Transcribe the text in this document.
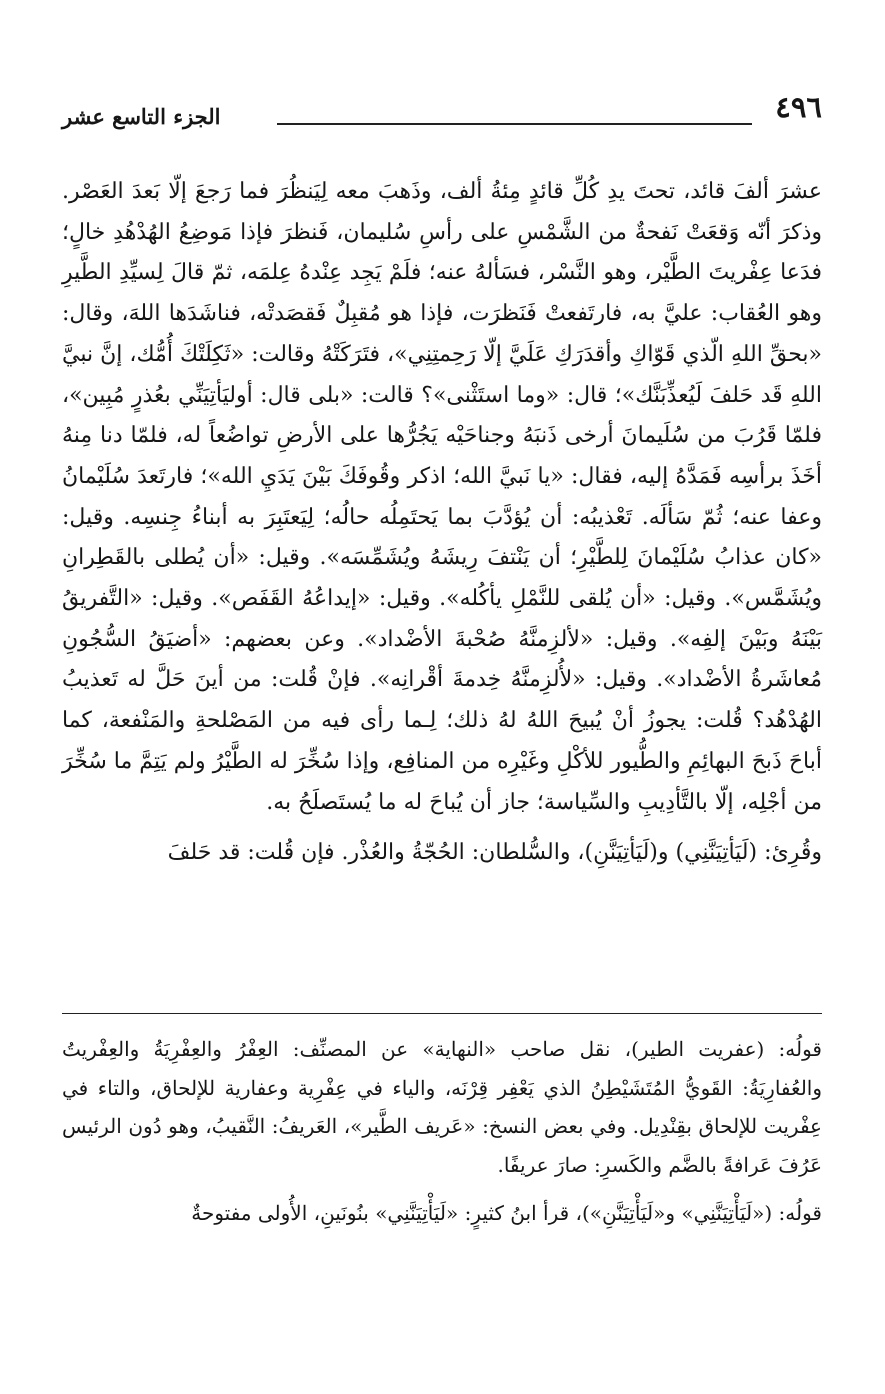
٤٩٦
الجزء التاسع عشر

عشرَ ألفَ قائد، تحتَ يدِ كُلِّ قائدٍ مِئةُ ألف، وذَهبَ معه لِيَنظُرَ فما رَجعَ إلّا بَعدَ العَصْر. وذكرَ أنّه وَقعَتْ نَفحةٌ من الشَّمْسِ على رأسِ سُليمان، فَنظرَ فإذا مَوضِعُ الهُدْهُدِ خالٍ؛ فدَعا عِفْريتَ الطَّيْر، وهو النَّسْر، فسَألهُ عنه؛ فلَمْ يَجِد عِنْدهُ عِلمَه، ثمّ قالَ لِسيِّدِ الطَّيرِ وهو العُقاب: عليَّ به، فارتَفعتْ فَنَظرَت، فإذا هو مُقبِلٌ فَقصَدتْه، فناشَدَها اللهَ، وقال: «بحقِّ اللهِ الّذي قَوّاكِ وأقدَرَكِ عَلَيَّ إلّا رَحِمتِنِي»، فتَرَكَتْهُ وقالت: «ثَكِلَتْكَ أُمُّك، إنَّ نبيَّ اللهِ قَد حَلفَ لَيُعذِّبَنَّك»؛ قال: «وما استَثْنى»؟ قالت: «بلى قال: أوليَأتِيَنِّي بعُذرٍ مُبِين»، فلمّا قَرُبَ من سُلَيمانَ أرخى ذَنبَهُ وجناحَيْه يَجُرُّها على الأرضِ تواضُعاً له، فلمّا دنا مِنهُ أخَذَ برأسِه فَمَدَّهُ إليه، فقال: «يا نَبيَّ الله؛ اذكر وقُوفَكَ بَيْنَ يَدَيِ الله»؛ فارتَعدَ سُلَيْمانُ وعفا عنه؛ ثُمّ سَألَه. تَعْذيبُه: أن يُؤدَّبَ بما يَحتَمِلُه حالُه؛ لِيَعتَبِرَ به أبناءُ جِنسِه. وقيل: «كان عذابُ سُلَيْمانَ لِلطَّيْرِ؛ أن يَنْتفَ رِيشَهُ ويُشَمِّسَه». وقيل: «أن يُطلى بالقَطِرانِ ويُشَمَّس». وقيل: «أن يُلقى للنَّمْلِ يأكُله». وقيل: «إيداعُهُ القَفَص». وقيل: «التَّفريقُ بَيْنَهُ وبَيْنَ إلفِه». وقيل: «لألزِمنَّهُ صُحْبةَ الأضْداد». وعن بعضهم: «أضيَقُ السُّجُونِ مُعاشَرةُ الأضْداد». وقيل: «لأُلزِمنَّهُ خِدمةَ أقْرانِه». فإنْ قُلت: من أينَ حَلَّ له تَعذيبُ الهُدْهُد؟ قُلت: يجوزُ أنْ يُبيحَ اللهُ لهُ ذلك؛ لِـما رأى فيه من المَصْلحةِ والمَنْفعة، كما أباحَ ذَبحَ البهائِمِ والطُّيور للأكْلِ وغَيْرِه من المنافِع، وإذا سُخِّرَ له الطَّيْرُ ولم يَتِمَّ ما سُخِّرَ من أجْلِه، إلّا بالتَّأدِيبِ والسِّياسة؛ جاز أن يُباحَ له ما يُستَصلَحُ به.

وقُرِئ: (لَيَأتِيَنَّنِي) و(لَيَأتِيَنَّنِ)، والسُّلطان: الحُجّةُ والعُذْر. فإن قُلت: قد حَلفَ

قولُه: (عفريت الطير)، نقل صاحب «النهاية» عن المصنِّف: العِفْرُ والعِفْرِيَةُ والعِفْريتُ والعُفارِيَةُ: القَويُّ المُتَشَيْطِنُ الذي يَعْفِر قِرْنَه، والياء في عِفْرِية وعفارية للإلحاق، والتاء في عِفْريت للإلحاق بقِنْدِيل. وفي بعض النسخ: «عَريف الطَّير»، العَريفُ: النَّقيبُ، وهو دُون الرئيس عَرُفَ عَرافةً بالضَّم والكَسرِ: صارَ عريفًا.

قولُه: («لَيَأْتِيَنَّنِي» و«لَيَأْتِيَنَّنِ»)، قرأ ابنُ كثيرٍ: «لَيَأْتِيَنَّنِي» بنُونَينِ، الأُولى مفتوحةٌ
